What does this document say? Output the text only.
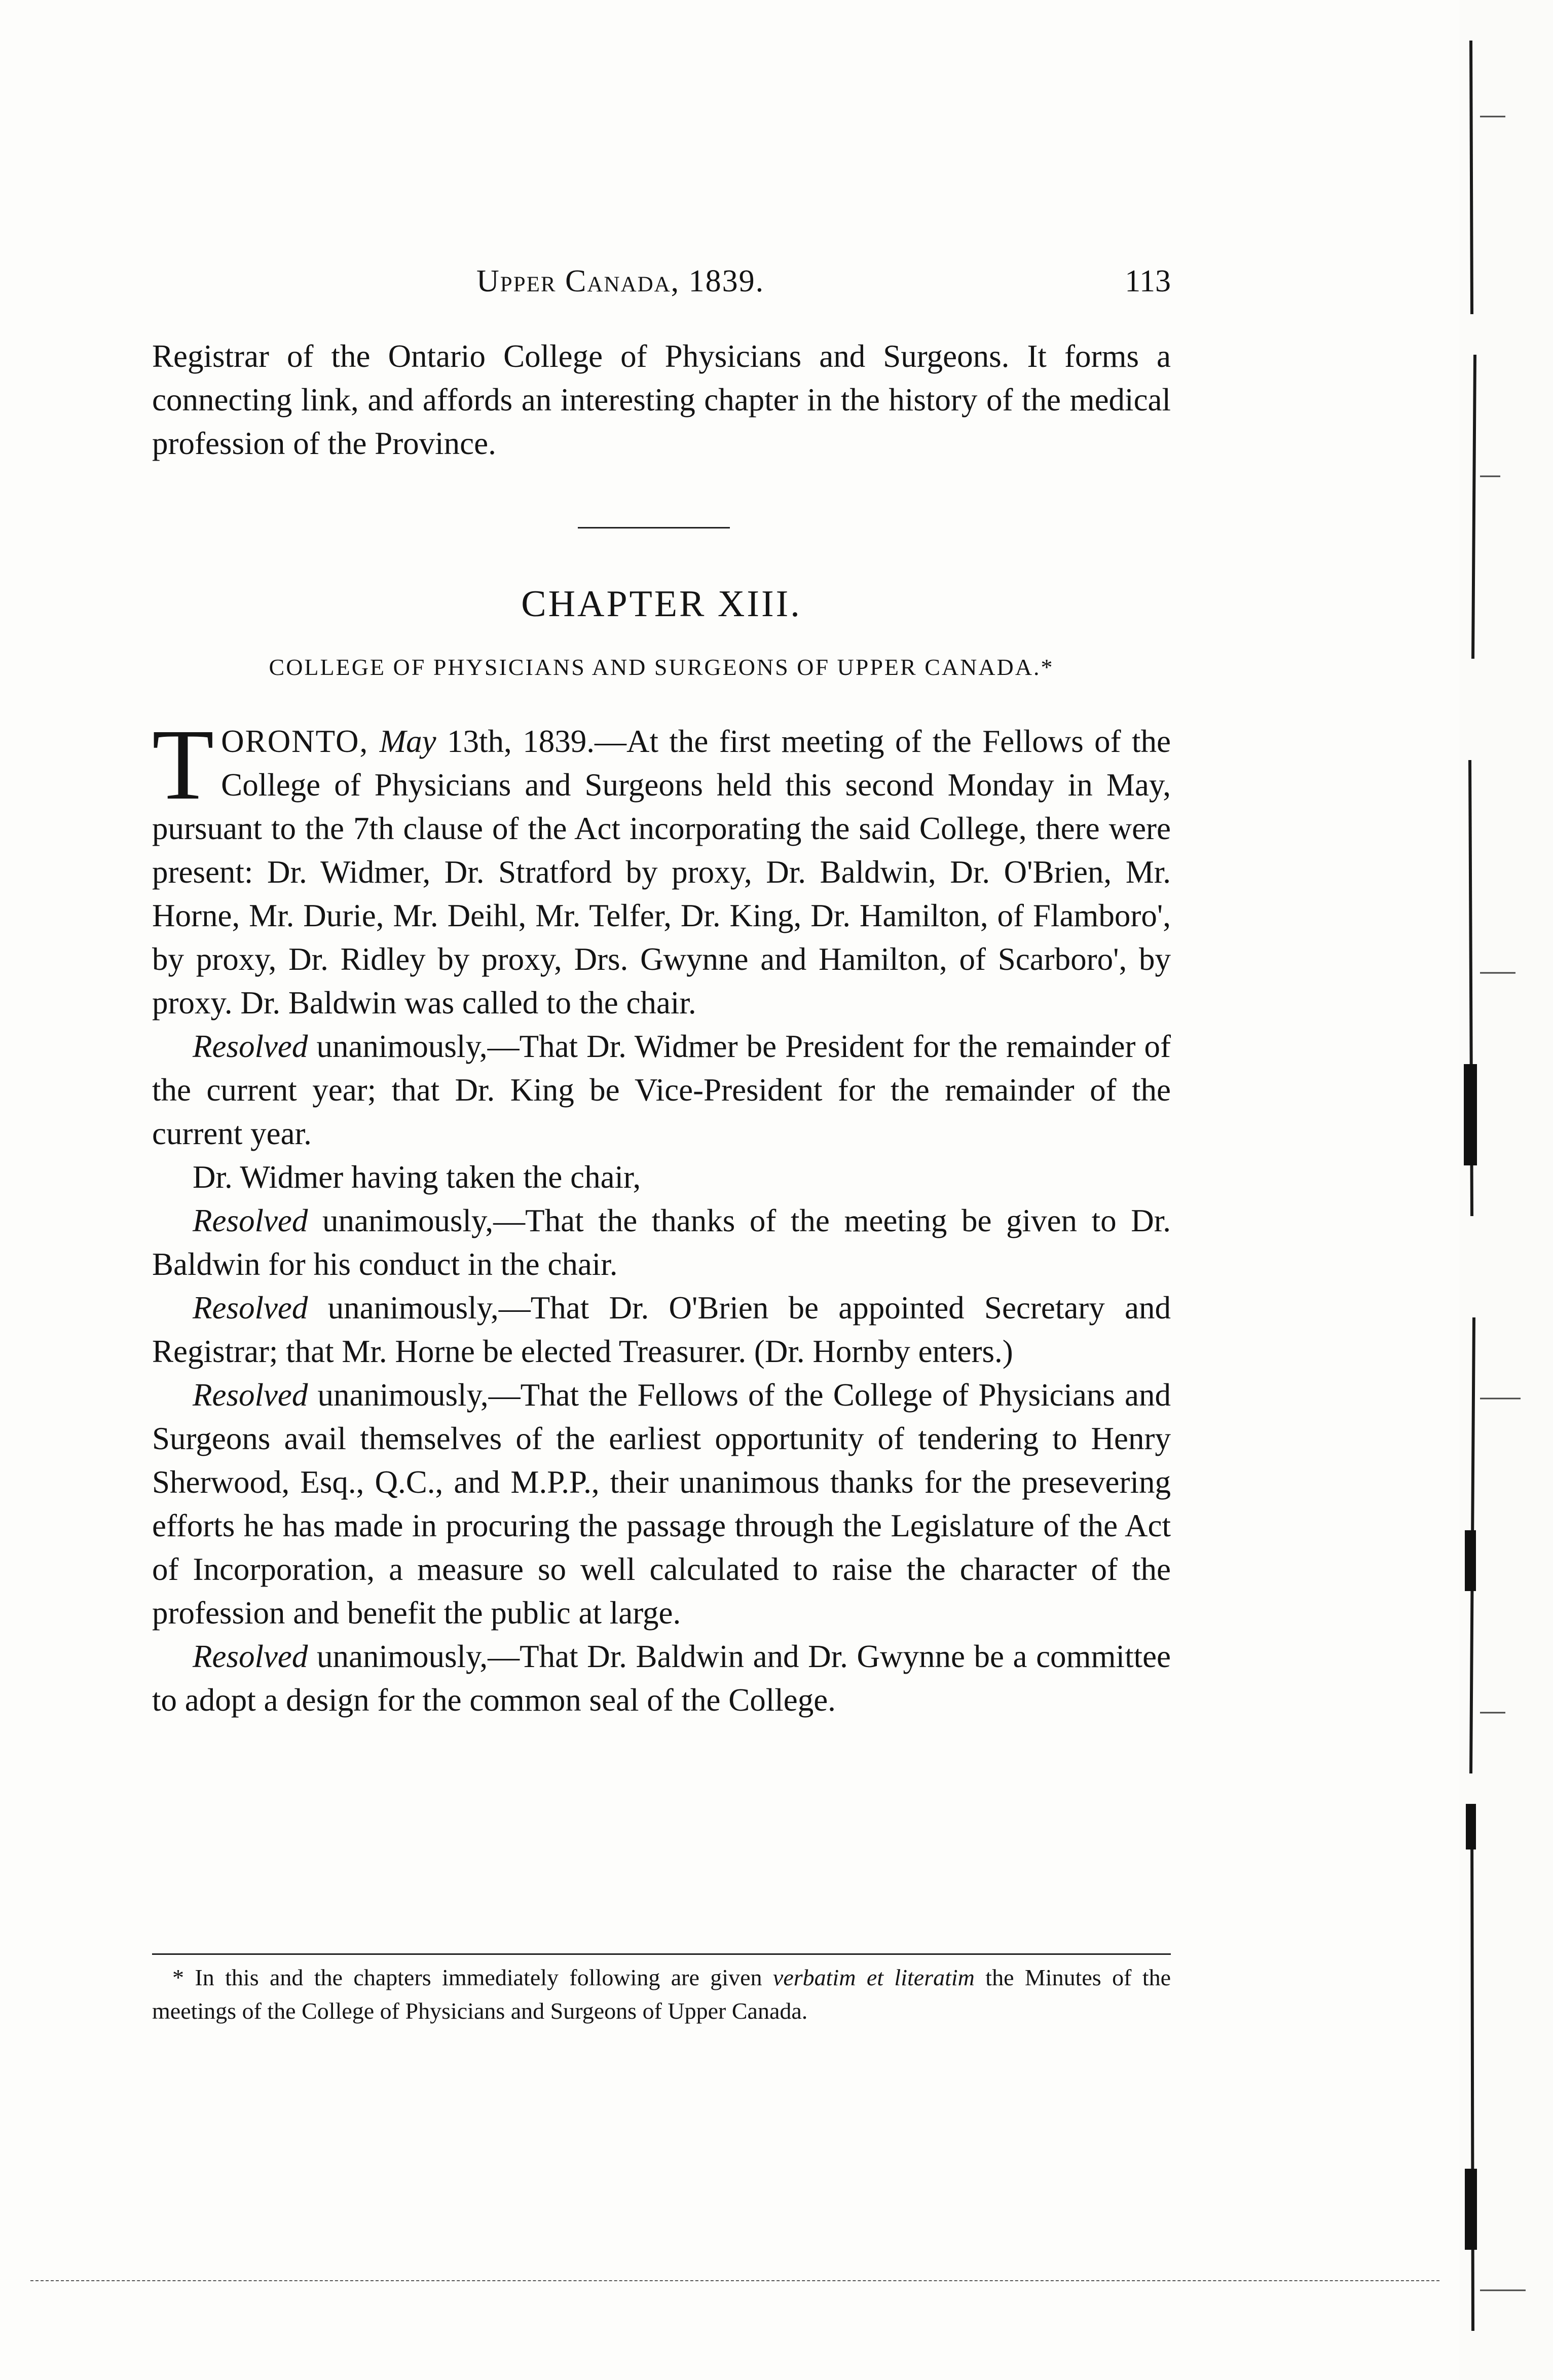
Upper Canada, 1839.	113

Registrar of the Ontario College of Physicians and Surgeons. It forms a connecting link, and affords an interesting chapter in the history of the medical profession of the Province.

CHAPTER XIII.
COLLEGE OF PHYSICIANS AND SURGEONS OF UPPER CANADA.*

T ORONTO, May 13th, 1839.—At the first meeting of the Fellows of the College of Physicians and Surgeons held this second Monday in May, pursuant to the 7th clause of the Act incorporating the said College, there were present: Dr. Widmer, Dr. Stratford by proxy, Dr. Baldwin, Dr. O'Brien, Mr. Horne, Mr. Durie, Mr. Deihl, Mr. Telfer, Dr. King, Dr. Hamilton, of Flamboro', by proxy, Dr. Ridley by proxy, Drs. Gwynne and Hamilton, of Scarboro', by proxy. Dr. Baldwin was called to the chair.

Resolved unanimously,—That Dr. Widmer be President for the remainder of the current year; that Dr. King be Vice-President for the remainder of the current year.

Dr. Widmer having taken the chair,

Resolved unanimously,—That the thanks of the meeting be given to Dr. Baldwin for his conduct in the chair.

Resolved unanimously,—That Dr. O'Brien be appointed Secretary and Registrar; that Mr. Horne be elected Treasurer. (Dr. Hornby enters.)

Resolved unanimously,—That the Fellows of the College of Physicians and Surgeons avail themselves of the earliest opportunity of tendering to Henry Sherwood, Esq., Q.C., and M.P.P., their unanimous thanks for the presevering efforts he has made in procuring the passage through the Legislature of the Act of Incorporation, a measure so well calculated to raise the character of the profession and benefit the public at large.

Resolved unanimously,—That Dr. Baldwin and Dr. Gwynne be a committee to adopt a design for the common seal of the College.

* In this and the chapters immediately following are given verbatim et literatim the Minutes of the meetings of the College of Physicians and Surgeons of Upper Canada.
